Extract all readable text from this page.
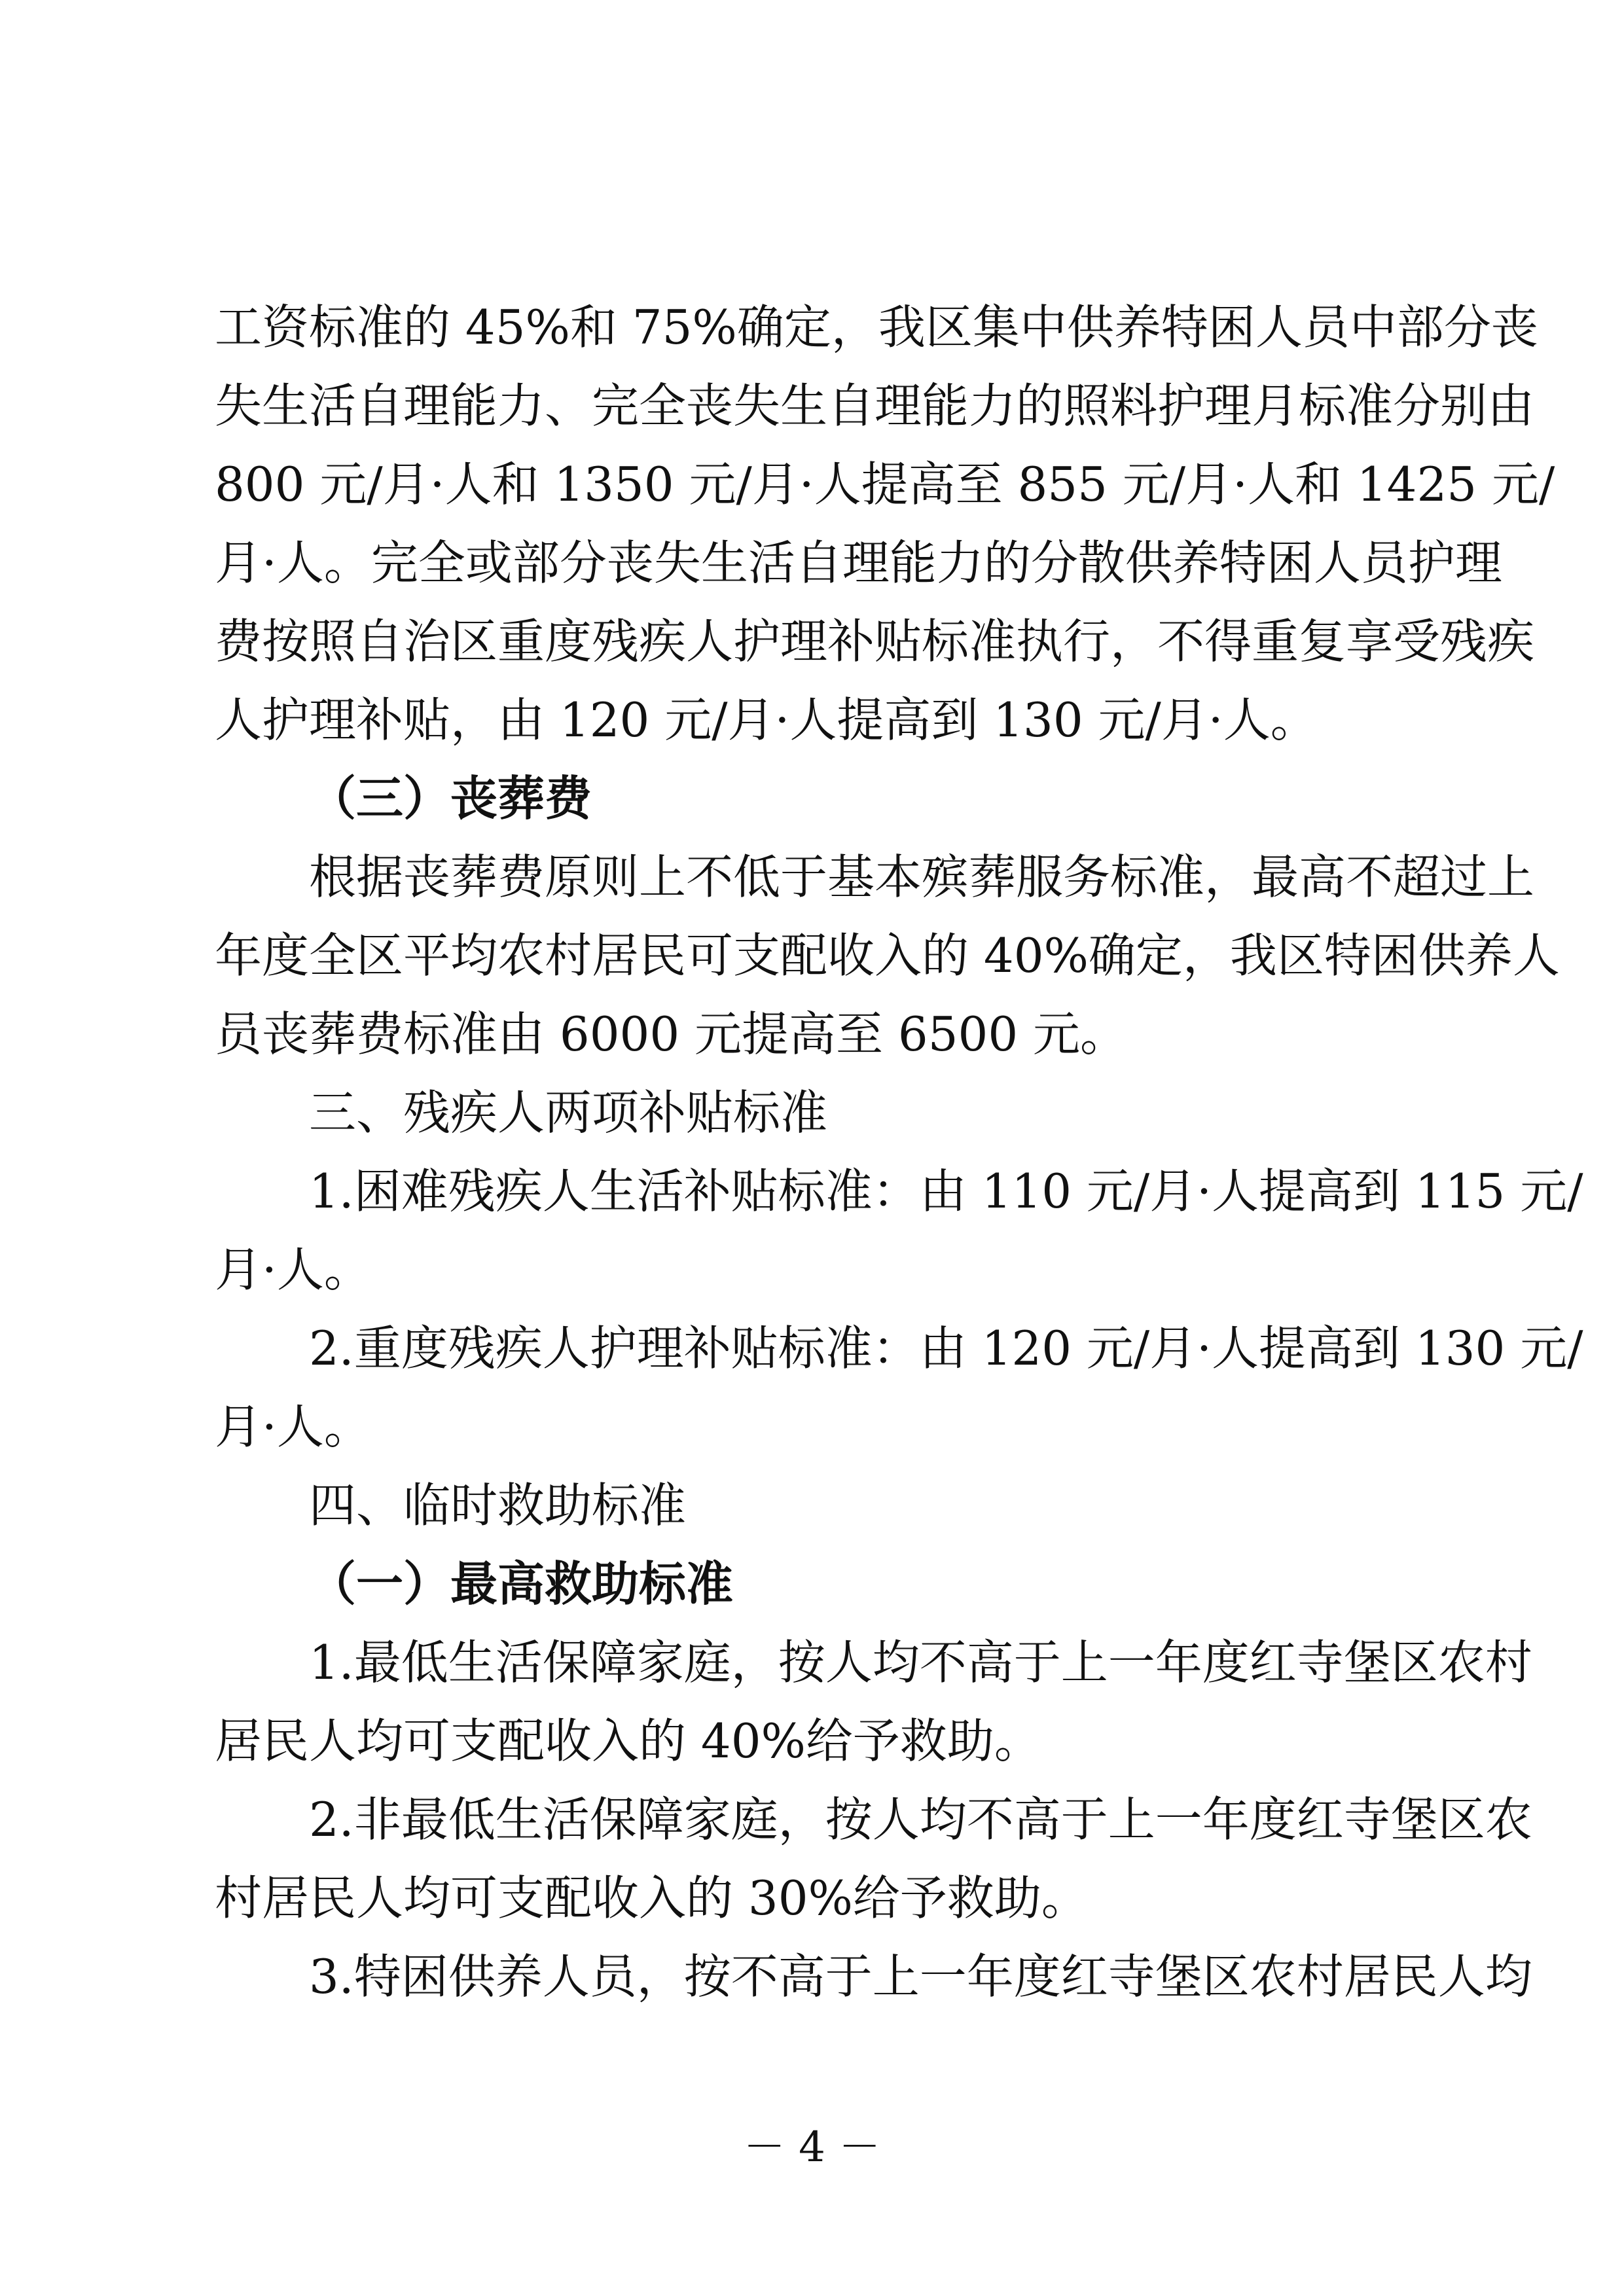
工资标准的 45%和 75%确定，我区集中供养特困人员中部分丧
失生活自理能力、完全丧失生自理能力的照料护理月标准分别由
800 元/月·人和 1350 元/月·人提高至 855 元/月·人和 1425 元/
月·人。完全或部分丧失生活自理能力的分散供养特困人员护理
费按照自治区重度残疾人护理补贴标准执行，不得重复享受残疾
人护理补贴，由 120 元/月·人提高到 130 元/月·人。
（三）丧葬费
根据丧葬费原则上不低于基本殡葬服务标准，最高不超过上
年度全区平均农村居民可支配收入的 40%确定，我区特困供养人
员丧葬费标准由 6000 元提高至 6500 元。
三、残疾人两项补贴标准
1.困难残疾人生活补贴标准：由 110 元/月·人提高到 115 元/
月·人。
2.重度残疾人护理补贴标准：由 120 元/月·人提高到 130 元/
月·人。
四、临时救助标准
（一）最高救助标准
1.最低生活保障家庭，按人均不高于上一年度红寺堡区农村
居民人均可支配收入的 40%给予救助。
2.非最低生活保障家庭，按人均不高于上一年度红寺堡区农
村居民人均可支配收入的 30%给予救助。
3.特困供养人员，按不高于上一年度红寺堡区农村居民人均
－ 4 －
